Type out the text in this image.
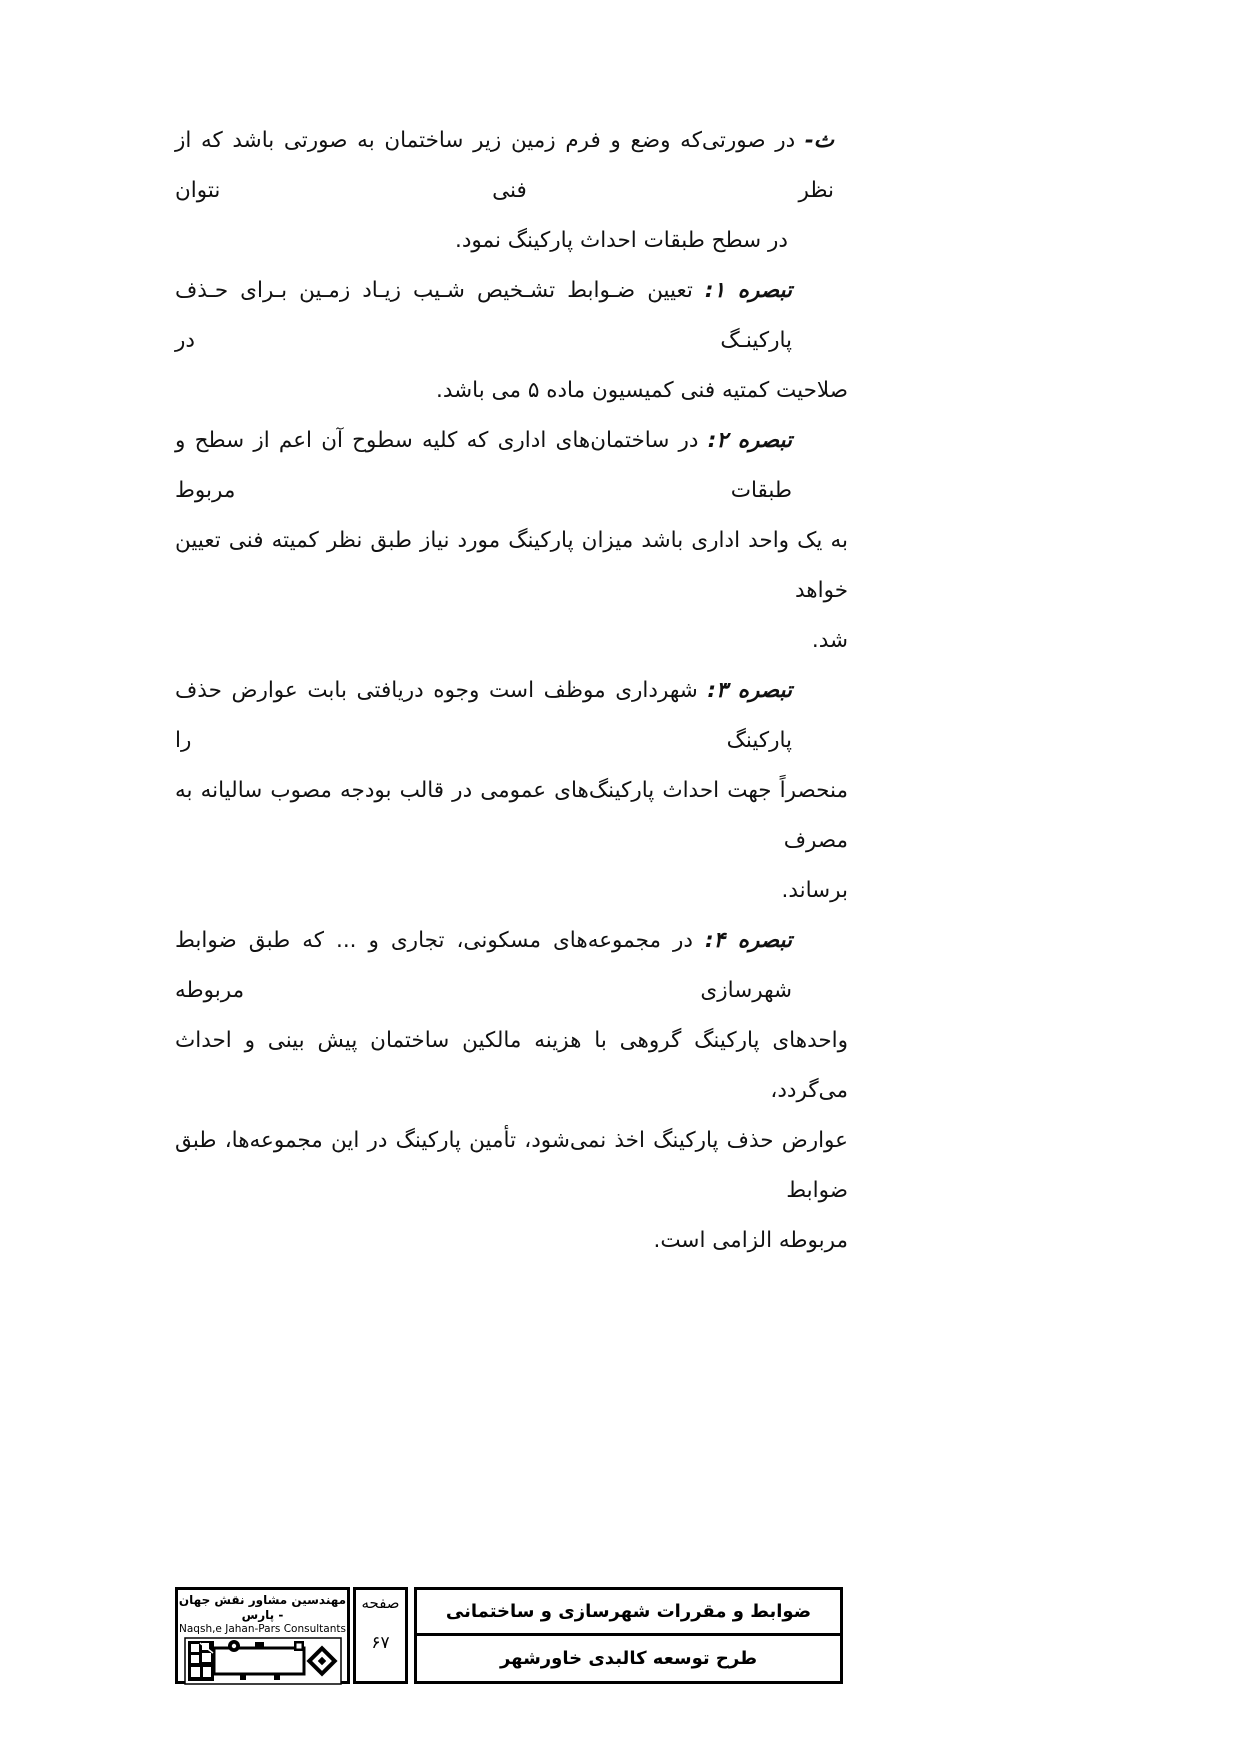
ث- در صورتی‌که وضع و فرم زمین زیر ساختمان به صورتی باشد که از نظر فنی نتوان
در سطح طبقات احداث پارکینگ نمود.
تبصره ۱: تعیین ضـوابط تشـخیص شـیب زیـاد زمـین بـرای حـذف پارکینـگ در
صلاحیت کمتیه فنی کمیسیون ماده ۵ می باشد.
تبصره ۲: در ساختمان‌های اداری که کلیه سطوح آن اعم از سطح و طبقات مربوط
به یک واحد اداری باشد میزان پارکینگ مورد نیاز طبق نظر کمیته فنی تعیین خواهد
شد.
تبصره ۳: شهرداری موظف است وجوه دریافتی بابت عوارض حذف پارکینگ را
منحصراً جهت احداث پارکینگ‌های عمومی در قالب بودجه مصوب سالیانه به مصرف
برساند.
تبصره ۴: در مجموعه‌های مسکونی، تجاری و ... که طبق ضوابط شهرسازی مربوطه
واحدهای پارکینگ گروهی با هزینه مالکین ساختمان پیش بینی و احداث می‌گردد،
عوارض حذف پارکینگ اخذ نمی‌شود، تأمین پارکینگ در این مجموعه‌ها، طبق ضوابط
مربوطه الزامی است.
مهندسین مشاور نقش جهان - پارس
Naqsh,e Jahan-Pars Consultants
صفحه
۶۷
ضوابط و مقررات شهرسازی و ساختمانی
طرح توسعه کالبدی خاورشهر
